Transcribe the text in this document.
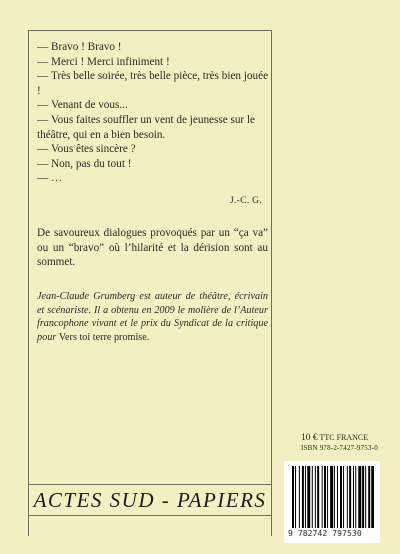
— Bravo ! Bravo !
— Merci ! Merci infiniment !
— Très belle soirée, très belle pièce, très bien jouée !
— Venant de vous...
— Vous faites souffler un vent de jeunesse sur le théâtre, qui en a bien besoin.
— Vous êtes sincère ?
— Non, pas du tout !
— …
J.-C. G.
De savoureux dialogues provoqués par un “ça va” ou un “bravo” où l’hilarité et la dérision sont au sommet.
Jean-Claude Grumberg est auteur de théâtre, écrivain et scénariste. Il a obtenu en 2009 le molière de l’Auteur francophone vivant et le prix du Syndicat de la critique pour Vers toi terre promise.
10 € TTC FRANCE
ISBN 978-2-7427-9753-0
ACTES SUD - PAPIERS
9 782742 797530
